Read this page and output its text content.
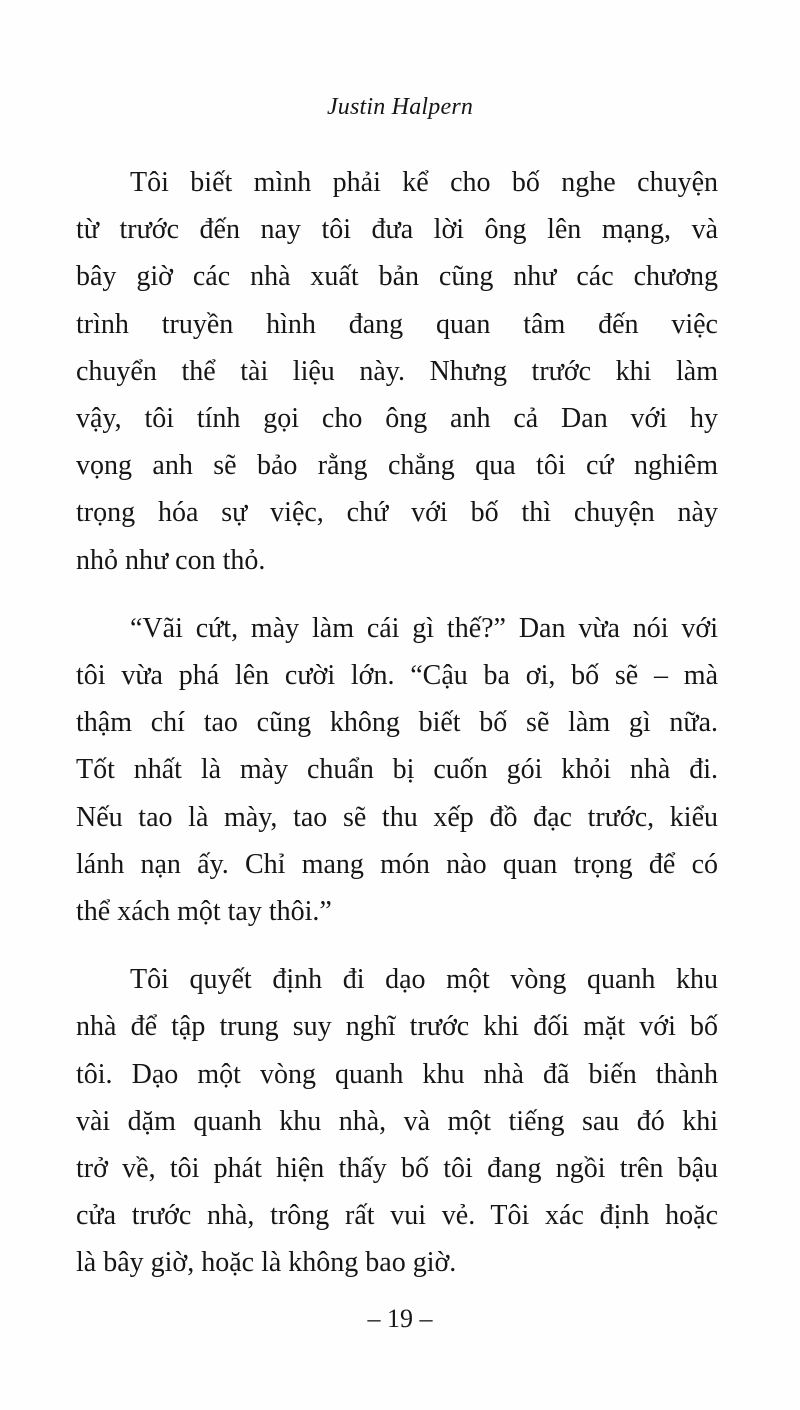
Justin Halpern

Tôi biết mình phải kể cho bố nghe chuyện
từ trước đến nay tôi đưa lời ông lên mạng, và
bây giờ các nhà xuất bản cũng như các chương
trình truyền hình đang quan tâm đến việc
chuyển thể tài liệu này. Nhưng trước khi làm
vậy, tôi tính gọi cho ông anh cả Dan với hy
vọng anh sẽ bảo rằng chẳng qua tôi cứ nghiêm
trọng hóa sự việc, chứ với bố thì chuyện này
nhỏ như con thỏ.

“Vãi cứt, mày làm cái gì thế?” Dan vừa nói với
tôi vừa phá lên cười lớn. “Cậu ba ơi, bố sẽ – mà
thậm chí tao cũng không biết bố sẽ làm gì nữa.
Tốt nhất là mày chuẩn bị cuốn gói khỏi nhà đi.
Nếu tao là mày, tao sẽ thu xếp đồ đạc trước, kiểu
lánh nạn ấy. Chỉ mang món nào quan trọng để có
thể xách một tay thôi.”

Tôi quyết định đi dạo một vòng quanh khu
nhà để tập trung suy nghĩ trước khi đối mặt với bố
tôi. Dạo một vòng quanh khu nhà đã biến thành
vài dặm quanh khu nhà, và một tiếng sau đó khi
trở về, tôi phát hiện thấy bố tôi đang ngồi trên bậu
cửa trước nhà, trông rất vui vẻ. Tôi xác định hoặc
là bây giờ, hoặc là không bao giờ.

– 19 –
